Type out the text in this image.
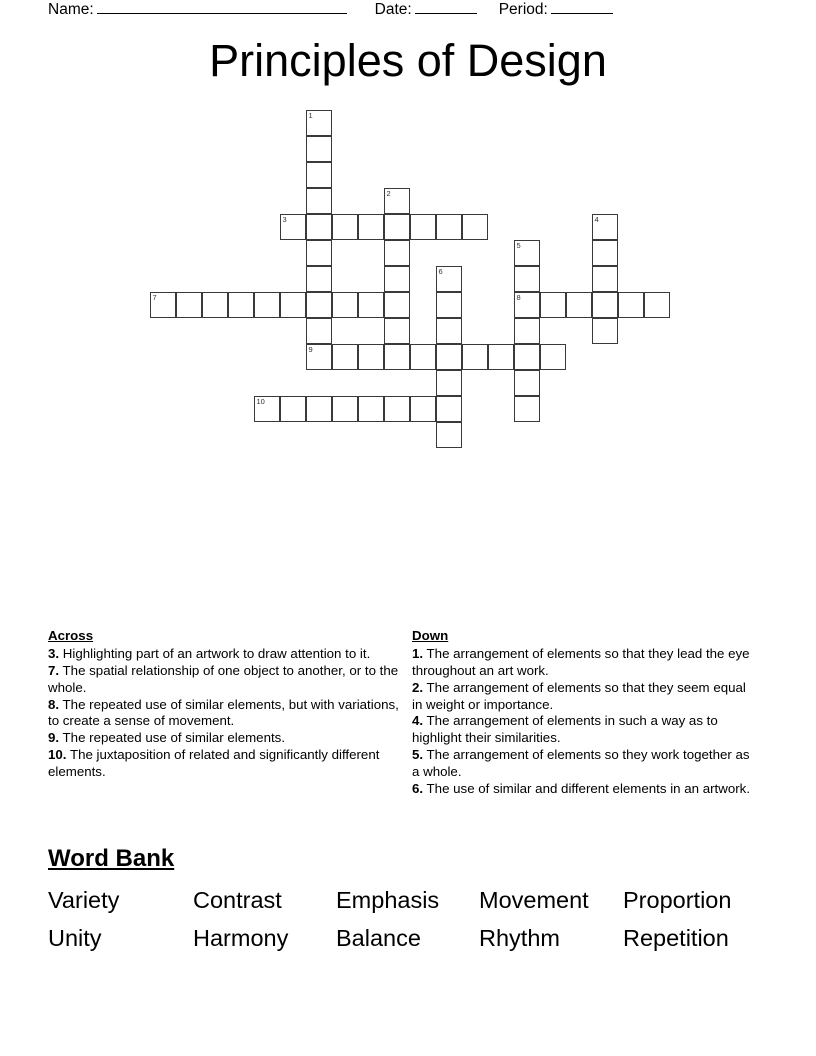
Name:	Date:	Period:
Principles of Design
1
2
3	4
5
8
6
7
9
10
Across
3. Highlighting part of an artwork to draw attention to it.
7. The spatial relationship of one object to another, or to the whole.
8. The repeated use of similar elements, but with variations, to create a sense of movement.
9. The repeated use of similar elements.
10. The juxtaposition of related and significantly different elements.
Down
1. The arrangement of elements so that they lead the eye throughout an art work.
2. The arrangement of elements so that they seem equal in weight or importance.
4. The arrangement of elements in such a way as to highlight their similarities.
5. The arrangement of elements so they work together as a whole.
6. The use of similar and different elements in an artwork.
Word Bank
Variety	Contrast	Emphasis	Movement	Proportion
Unity	Harmony	Balance	Rhythm	Repetition
